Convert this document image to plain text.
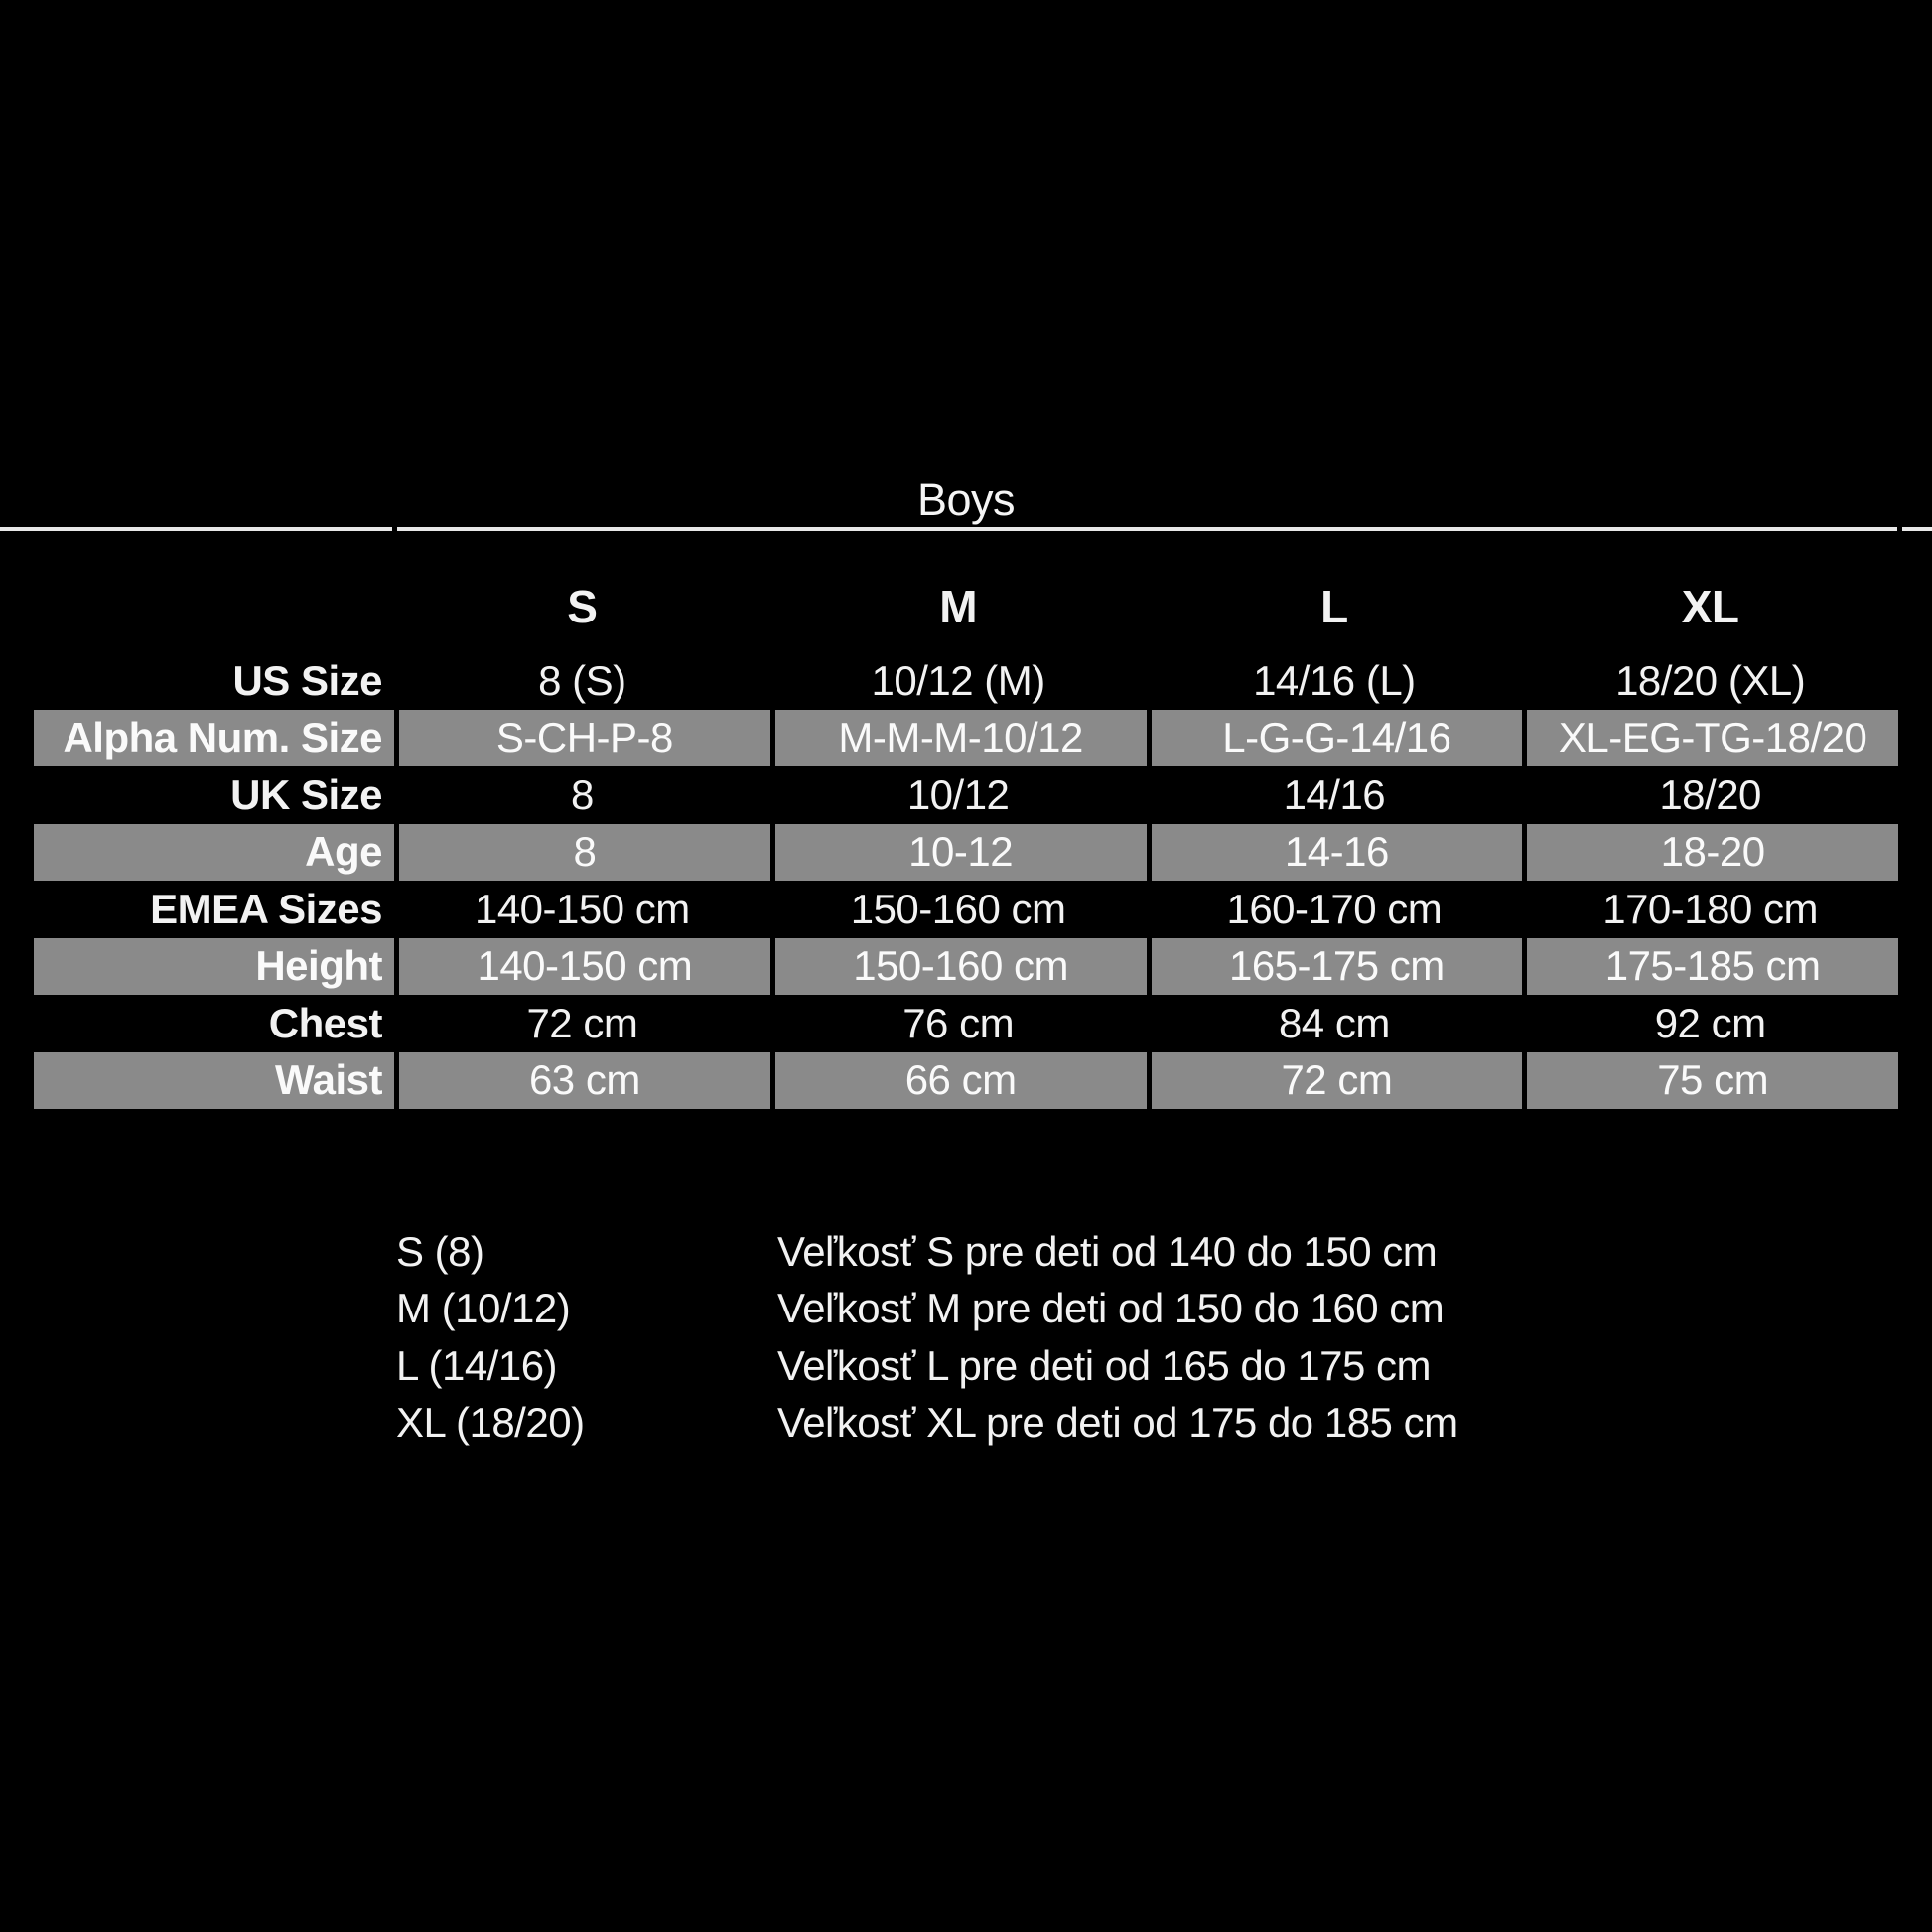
Boys
S	M	L	XL
US Size	8 (S)	10/12 (M)	14/16 (L)	18/20 (XL)
Alpha Num. Size	S-CH-P-8	M-M-M-10/12	L-G-G-14/16	XL-EG-TG-18/20
UK Size	8	10/12	14/16	18/20
Age	8	10-12	14-16	18-20
EMEA Sizes	140-150 cm	150-160 cm	160-170 cm	170-180 cm
Height	140-150 cm	150-160 cm	165-175 cm	175-185 cm
Chest	72 cm	76 cm	84 cm	92 cm
Waist	63 cm	66 cm	72 cm	75 cm
S (8)	Veľkosť S pre deti od 140 do 150 cm
M (10/12)	Veľkosť M pre deti od 150 do 160 cm
L (14/16)	Veľkosť L pre deti od 165 do 175 cm
XL (18/20)	Veľkosť XL pre deti od 175 do 185 cm
